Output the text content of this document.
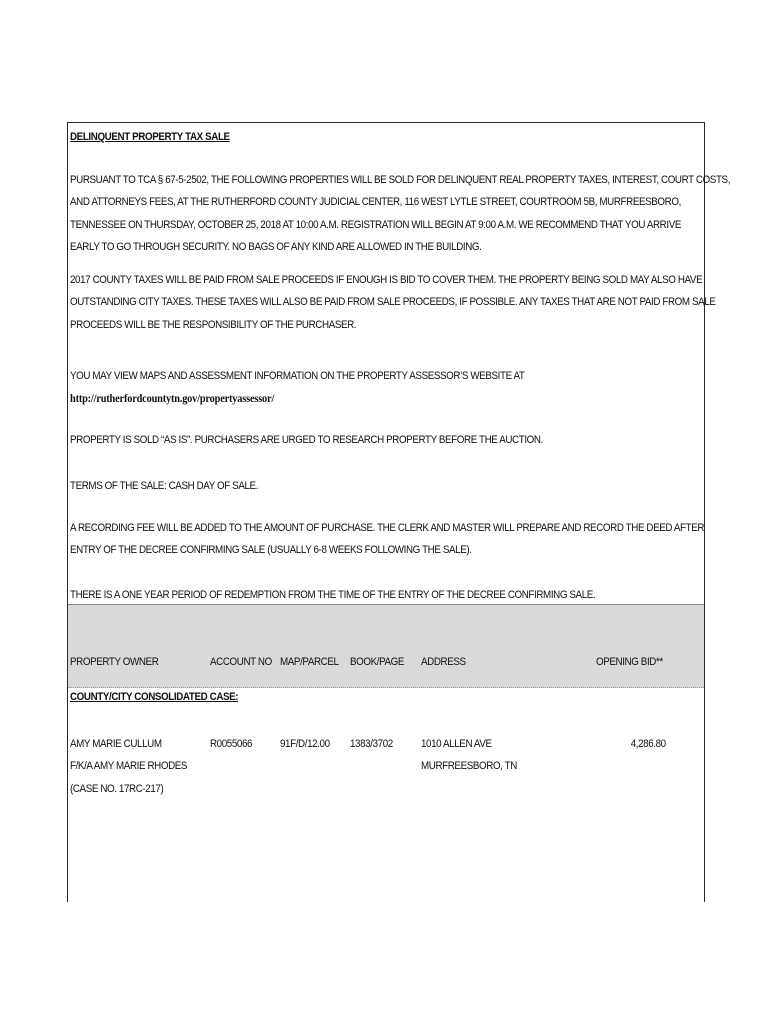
DELINQUENT PROPERTY TAX SALE
PURSUANT TO TCA § 67-5-2502, THE FOLLOWING PROPERTIES WILL BE SOLD FOR DELINQUENT REAL PROPERTY TAXES, INTEREST, COURT COSTS,
AND ATTORNEYS FEES, AT THE RUTHERFORD COUNTY JUDICIAL CENTER, 116 WEST LYTLE STREET, COURTROOM 5B, MURFREESBORO,
TENNESSEE ON THURSDAY, OCTOBER 25, 2018 AT 10:00 A.M. REGISTRATION WILL BEGIN AT 9:00 A.M. WE RECOMMEND THAT YOU ARRIVE
EARLY TO GO THROUGH SECURITY. NO BAGS OF ANY KIND ARE ALLOWED IN THE BUILDING.
2017 COUNTY TAXES WILL BE PAID FROM SALE PROCEEDS IF ENOUGH IS BID TO COVER THEM. THE PROPERTY BEING SOLD MAY ALSO HAVE
OUTSTANDING CITY TAXES. THESE TAXES WILL ALSO BE PAID FROM SALE PROCEEDS, IF POSSIBLE. ANY TAXES THAT ARE NOT PAID FROM SALE
PROCEEDS WILL BE THE RESPONSIBILITY OF THE PURCHASER.
YOU MAY VIEW MAPS AND ASSESSMENT INFORMATION ON THE PROPERTY ASSESSOR’S WEBSITE AT
http://rutherfordcountytn.gov/propertyassessor/
PROPERTY IS SOLD “AS IS”. PURCHASERS ARE URGED TO RESEARCH PROPERTY BEFORE THE AUCTION.
TERMS OF THE SALE: CASH DAY OF SALE.
A RECORDING FEE WILL BE ADDED TO THE AMOUNT OF PURCHASE. THE CLERK AND MASTER WILL PREPARE AND RECORD THE DEED AFTER
ENTRY OF THE DECREE CONFIRMING SALE (USUALLY 6-8 WEEKS FOLLOWING THE SALE).
THERE IS A ONE YEAR PERIOD OF REDEMPTION FROM THE TIME OF THE ENTRY OF THE DECREE CONFIRMING SALE.
PROPERTY OWNER	ACCOUNT NO MAP/PARCEL BOOK/PAGE ADDRESS	OPENING BID**
COUNTY/CITY CONSOLIDATED CASE:
AMY MARIE CULLUM
F/K/A AMY MARIE RHODES
(CASE NO. 17RC-217)
R0055066 91F/D/12.00 1383/3702 1010 ALLEN AVE
MURFREESBORO, TN
4,286.80
